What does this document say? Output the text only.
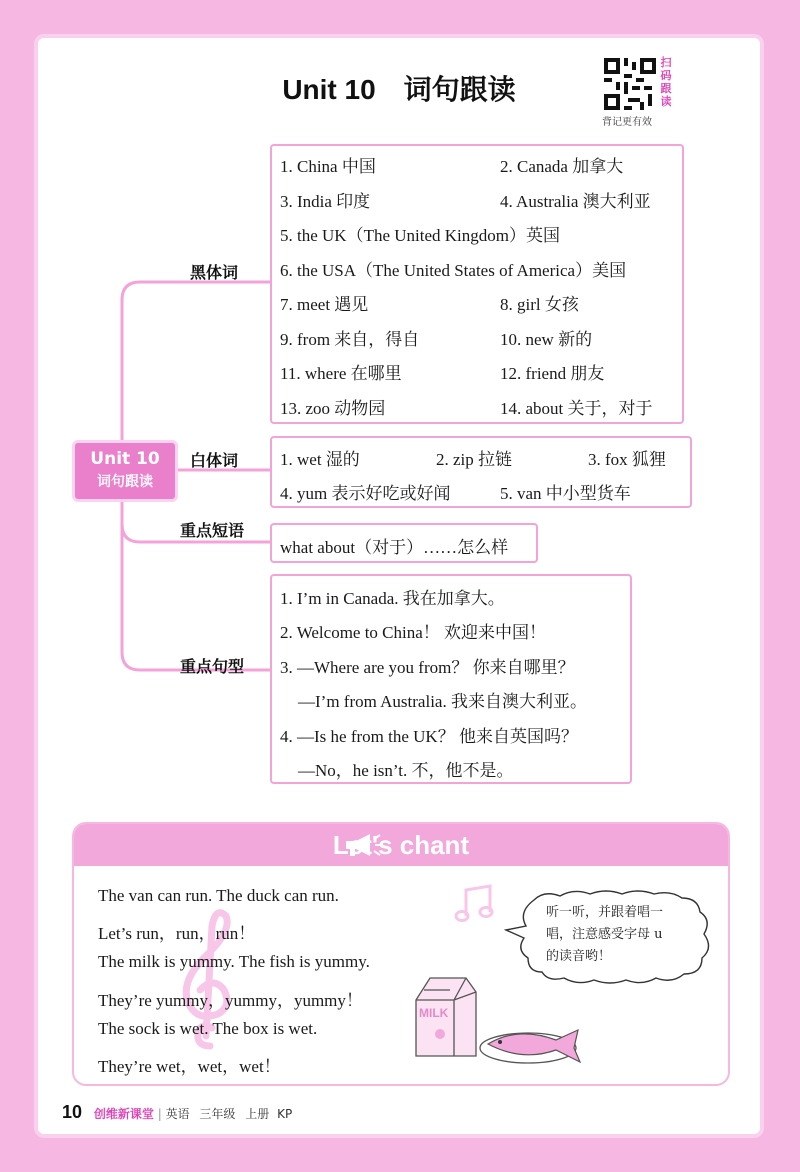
Unit 10　词句跟读
扫码跟读
背记更有效
Unit 10
词句跟读
黑体词
白体词
重点短语
重点句型
1. China 中国	2. Canada 加拿大
3. India 印度	4. Australia 澳大利亚
5. the UK（The United Kingdom）英国
6. the USA（The United States of America）美国
7. meet 遇见	8. girl 女孩
9. from 来自，得自	10. new 新的
11. where 在哪里	12. friend 朋友
13. zoo 动物园	14. about 关于，对于
1. wet 湿的	2. zip 拉链	3. fox 狐狸
4. yum 表示好吃或好闻	5. van 中小型货车
what about（对于）……怎么样
1. I’m in Canada. 我在加拿大。
2. Welcome to China！ 欢迎来中国！
3. —Where are you from？ 你来自哪里？
—I’m from Australia. 我来自澳大利亚。
4. —Is he from the UK？ 他来自英国吗？
—No，he isn’t. 不，他不是。
Let's chant
The van can run. The duck can run.
Let’s run，run，run！
The milk is yummy. The fish is yummy.
They’re yummy，yummy，yummy！
The sock is wet. The box is wet.
They’re wet，wet，wet！
听一听，并跟着唱一
唱，注意感受字母 u
的读音哟！
MILK
10 创维新课堂 | 英语 三年级 上册 KP
